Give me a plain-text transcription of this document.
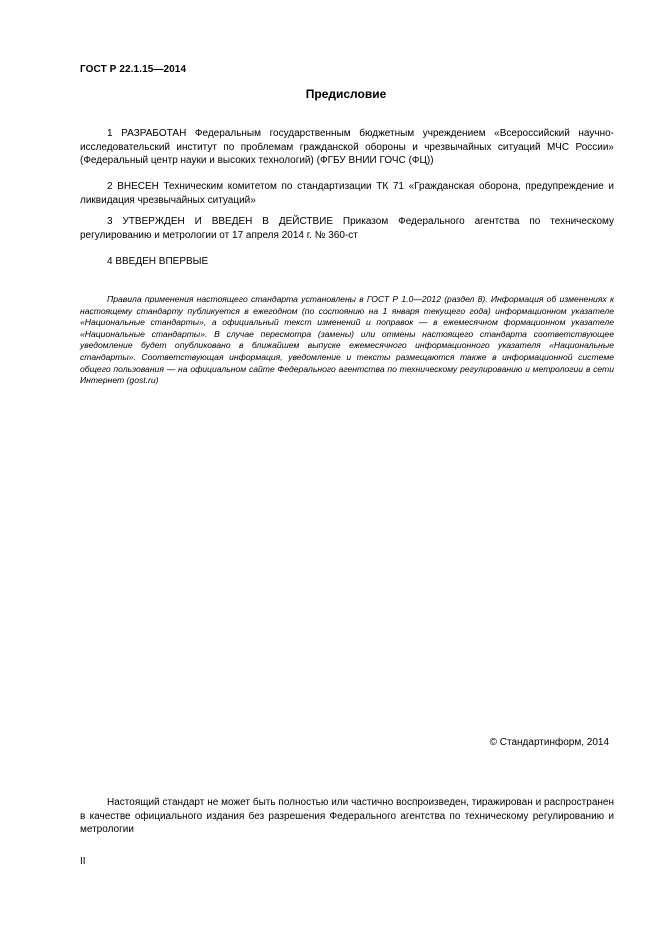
ГОСТ Р 22.1.15—2014
Предисловие

1 РАЗРАБОТАН Федеральным государственным бюджетным учреждением «Всероссийский научно-исследовательский институт по проблемам гражданской обороны и чрезвычайных ситуаций МЧС России» (Федеральный центр науки и высоких технологий) (ФГБУ ВНИИ ГОЧС (ФЦ))

2 ВНЕСЕН Техническим комитетом по стандартизации ТК 71 «Гражданская оборона, предупреждение и ликвидация чрезвычайных ситуаций»

3 УТВЕРЖДЕН И ВВЕДЕН В ДЕЙСТВИЕ Приказом Федерального агентства по техническому регулированию и метрологии от 17 апреля 2014 г. № 360-ст

4 ВВЕДЕН ВПЕРВЫЕ

Правила применения настоящего стандарта установлены в ГОСТ Р 1.0—2012 (раздел 8). Информация об изменениях к настоящему стандарту публикуется в ежегодном (по состоянию на 1 января текущего года) информационном указателе «Национальные стандарты», а официальный текст изменений и поправок — в ежемесячном формационном указателе «Национальные стандарты». В случае пересмотра (замены) или отмены настоящего стандарта соответствующее уведомление будет опубликовано в ближайшем выпуске ежемесячного информационного указателя «Национальные стандарты». Соответствующая информация, уведомление и тексты размещаются также в информационной системе общего пользования — на официальном сайте Федерального агентства по техническому регулированию и метрологии в сети Интернет (gost.ru)

© Стандартинформ, 2014

Настоящий стандарт не может быть полностью или частично воспроизведен, тиражирован и распространен в качестве официального издания без разрешения Федерального агентства по техническому регулированию и метрологии

II
